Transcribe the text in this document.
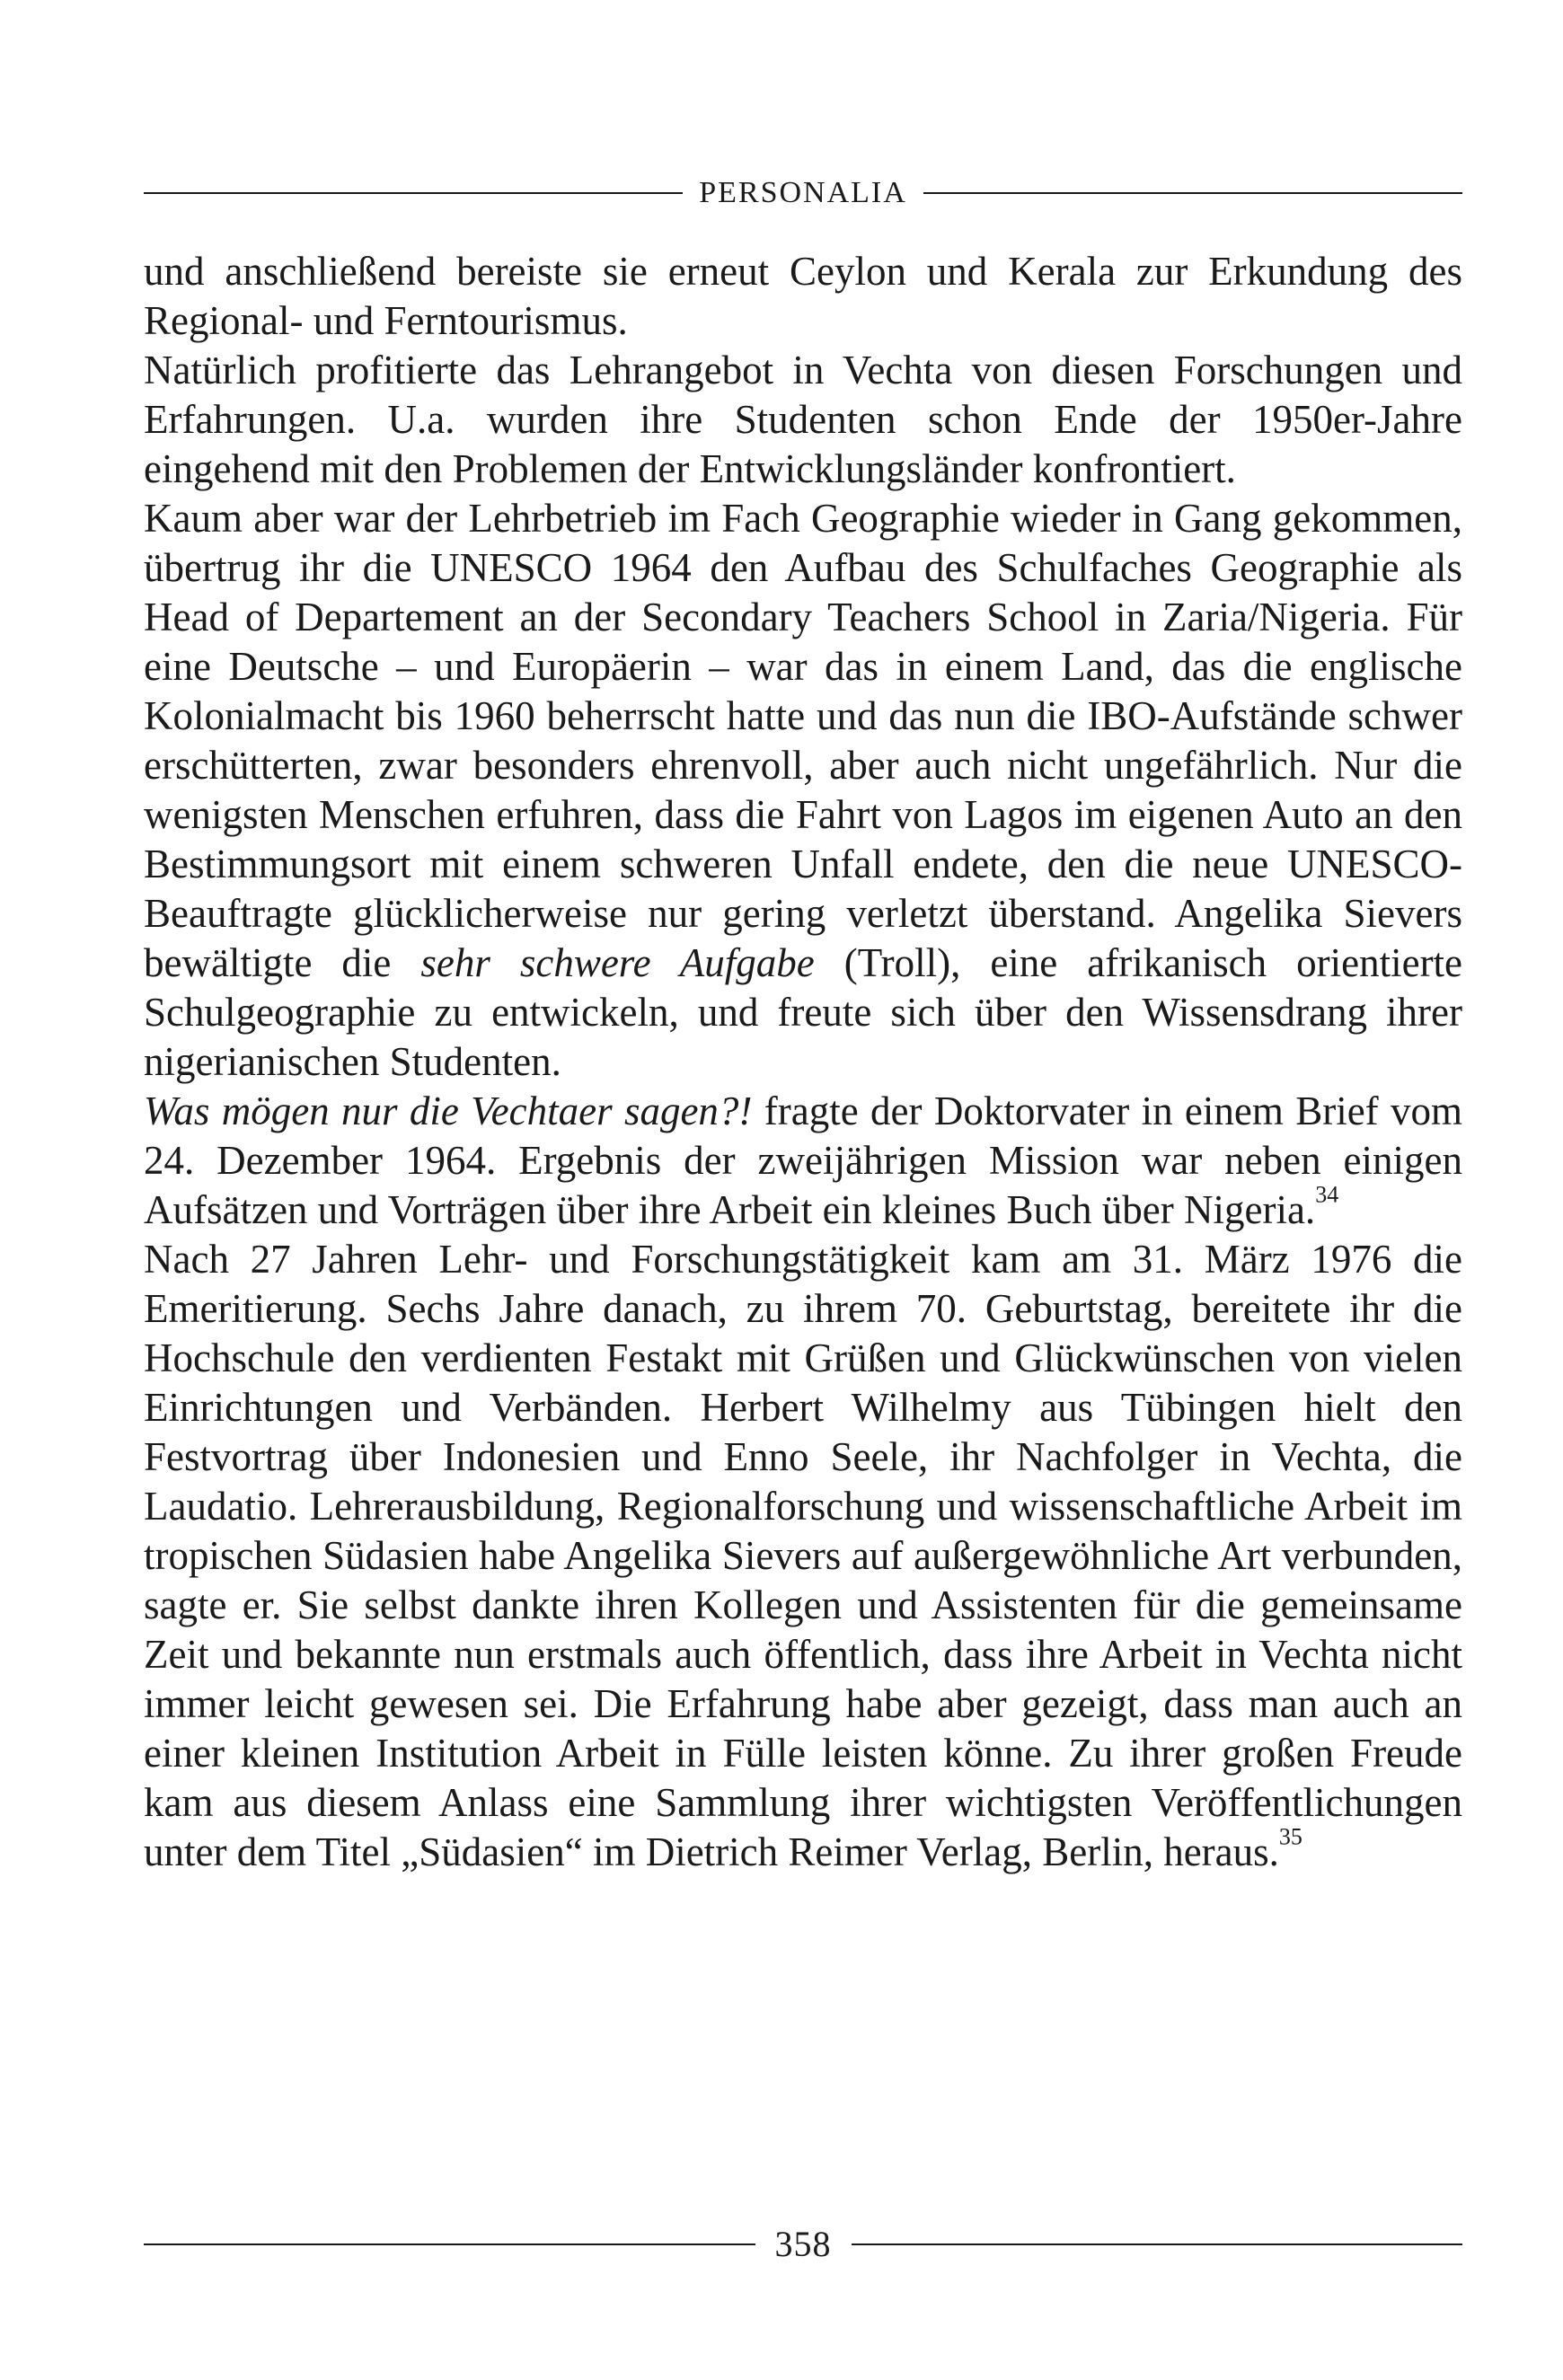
PERSONALIA

und anschließend bereiste sie erneut Ceylon und Kerala zur Erkundung des Regional- und Ferntourismus.

Natürlich profitierte das Lehrangebot in Vechta von diesen Forschungen und Erfahrungen. U.a. wurden ihre Studenten schon Ende der 1950er-Jahre eingehend mit den Problemen der Entwicklungsländer konfrontiert.

Kaum aber war der Lehrbetrieb im Fach Geographie wieder in Gang gekommen, übertrug ihr die UNESCO 1964 den Aufbau des Schulfaches Geographie als Head of Departement an der Secondary Teachers School in Zaria/Nigeria. Für eine Deutsche – und Europäerin – war das in einem Land, das die englische Kolonialmacht bis 1960 beherrscht hatte und das nun die IBO-Aufstände schwer erschütterten, zwar besonders ehrenvoll, aber auch nicht ungefährlich. Nur die wenigsten Menschen erfuhren, dass die Fahrt von Lagos im eigenen Auto an den Bestimmungsort mit einem schweren Unfall endete, den die neue UNESCO-Beauftragte glücklicherweise nur gering verletzt überstand. Angelika Sievers bewältigte die sehr schwere Aufgabe (Troll), eine afrikanisch orientierte Schulgeographie zu entwickeln, und freute sich über den Wissensdrang ihrer nigerianischen Studenten.

Was mögen nur die Vechtaer sagen?! fragte der Doktorvater in einem Brief vom 24. Dezember 1964. Ergebnis der zweijährigen Mission war neben einigen Aufsätzen und Vorträgen über ihre Arbeit ein kleines Buch über Nigeria.$^{34}$

Nach 27 Jahren Lehr- und Forschungstätigkeit kam am 31. März 1976 die Emeritierung. Sechs Jahre danach, zu ihrem 70. Geburtstag, bereitete ihr die Hochschule den verdienten Festakt mit Grüßen und Glückwünschen von vielen Einrichtungen und Verbänden. Herbert Wilhelmy aus Tübingen hielt den Festvortrag über Indonesien und Enno Seele, ihr Nachfolger in Vechta, die Laudatio. Lehrerausbildung, Regionalforschung und wissenschaftliche Arbeit im tropischen Südasien habe Angelika Sievers auf außergewöhnliche Art verbunden, sagte er. Sie selbst dankte ihren Kollegen und Assistenten für die gemeinsame Zeit und bekannte nun erstmals auch öffentlich, dass ihre Arbeit in Vechta nicht immer leicht gewesen sei. Die Erfahrung habe aber gezeigt, dass man auch an einer kleinen Institution Arbeit in Fülle leisten könne. Zu ihrer großen Freude kam aus diesem Anlass eine Sammlung ihrer wichtigsten Veröffentlichungen unter dem Titel „Südasien“ im Dietrich Reimer Verlag, Berlin, heraus.$^{35}$

358
